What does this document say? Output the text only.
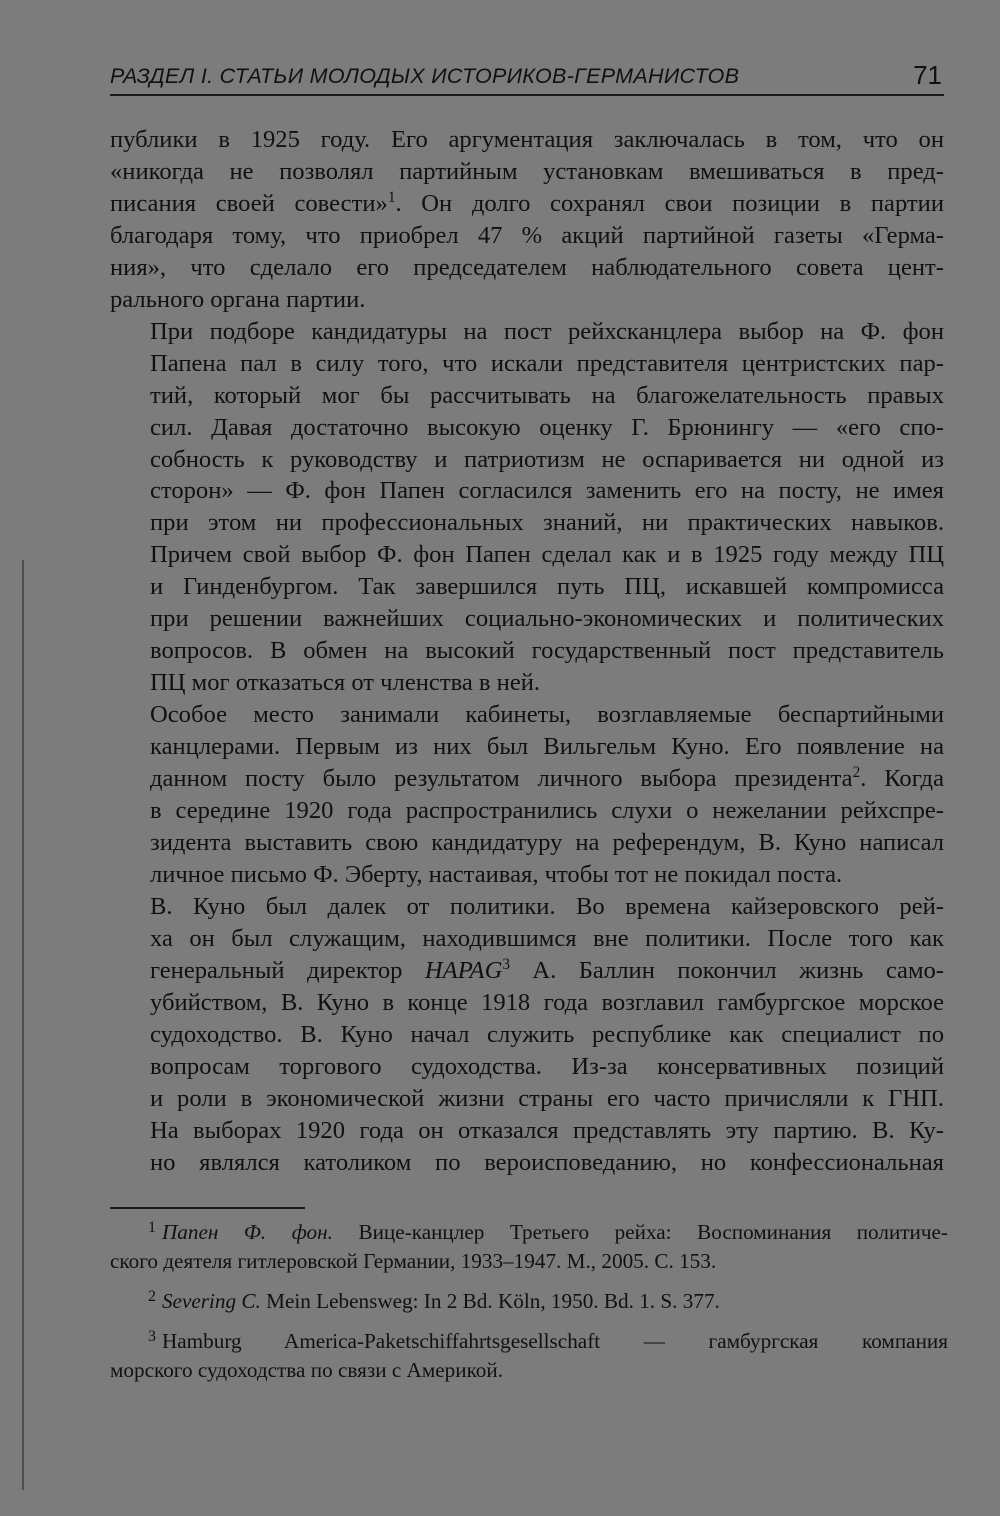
РАЗДЕЛ I. СТАТЬИ МОЛОДЫХ ИСТОРИКОВ-ГЕРМАНИСТОВ	71

публики в 1925 году. Его аргументация заключалась в том, что он
«никогда не позволял партийным установкам вмешиваться в пред-
писания своей совести»$^1$. Он долго сохранял свои позиции в партии
благодаря тому, что приобрел 47 % акций партийной газеты «Герма-
ния», что сделало его председателем наблюдательного совета цент-
рального органа партии.

При подборе кандидатуры на пост рейхсканцлера выбор на Ф. фон
Папена пал в силу того, что искали представителя центристских пар-
тий, который мог бы рассчитывать на благожелательность правых
сил. Давая достаточно высокую оценку Г. Брюнингу — «его спо-
собность к руководству и патриотизм не оспаривается ни одной из
сторон» — Ф. фон Папен согласился заменить его на посту, не имея
при этом ни профессиональных знаний, ни практических навыков.
Причем свой выбор Ф. фон Папен сделал как и в 1925 году между ПЦ
и Гинденбургом. Так завершился путь ПЦ, искавшей компромисса
при решении важнейших социально-экономических и политических
вопросов. В обмен на высокий государственный пост представитель
ПЦ мог отказаться от членства в ней.

Особое место занимали кабинеты, возглавляемые беспартийными
канцлерами. Первым из них был Вильгельм Куно. Его появление на
данном посту было результатом личного выбора президента$^2$. Когда
в середине 1920 года распространились слухи о нежелании рейхспре-
зидента выставить свою кандидатуру на референдум, В. Куно написал
личное письмо Ф. Эберту, настаивая, чтобы тот не покидал поста.

В. Куно был далек от политики. Во времена кайзеровского рей-
ха он был служащим, находившимся вне политики. После того как
генеральный директор HAPAG$^3$ А. Баллин покончил жизнь само-
убийством, В. Куно в конце 1918 года возглавил гамбургское морское
судоходство. В. Куно начал служить республике как специалист по
вопросам торгового судоходства. Из-за консервативных позиций
и роли в экономической жизни страны его часто причисляли к ГНП.
На выборах 1920 года он отказался представлять эту партию. В. Ку-
но являлся католиком по вероисповеданию, но конфессиональная

$^1$ Папен Ф. фон. Вице-канцлер Третьего рейха: Воспоминания политиче-
ского деятеля гитлеровской Германии, 1933–1947. М., 2005. С. 153.
$^2$ Severing C. Mein Lebensweg: In 2 Bd. Köln, 1950. Bd. 1. S. 377.
$^3$ Hamburg America-Paketschiffahrtsgesellschaft — гамбургская компания
морского судоходства по связи с Америкой.
